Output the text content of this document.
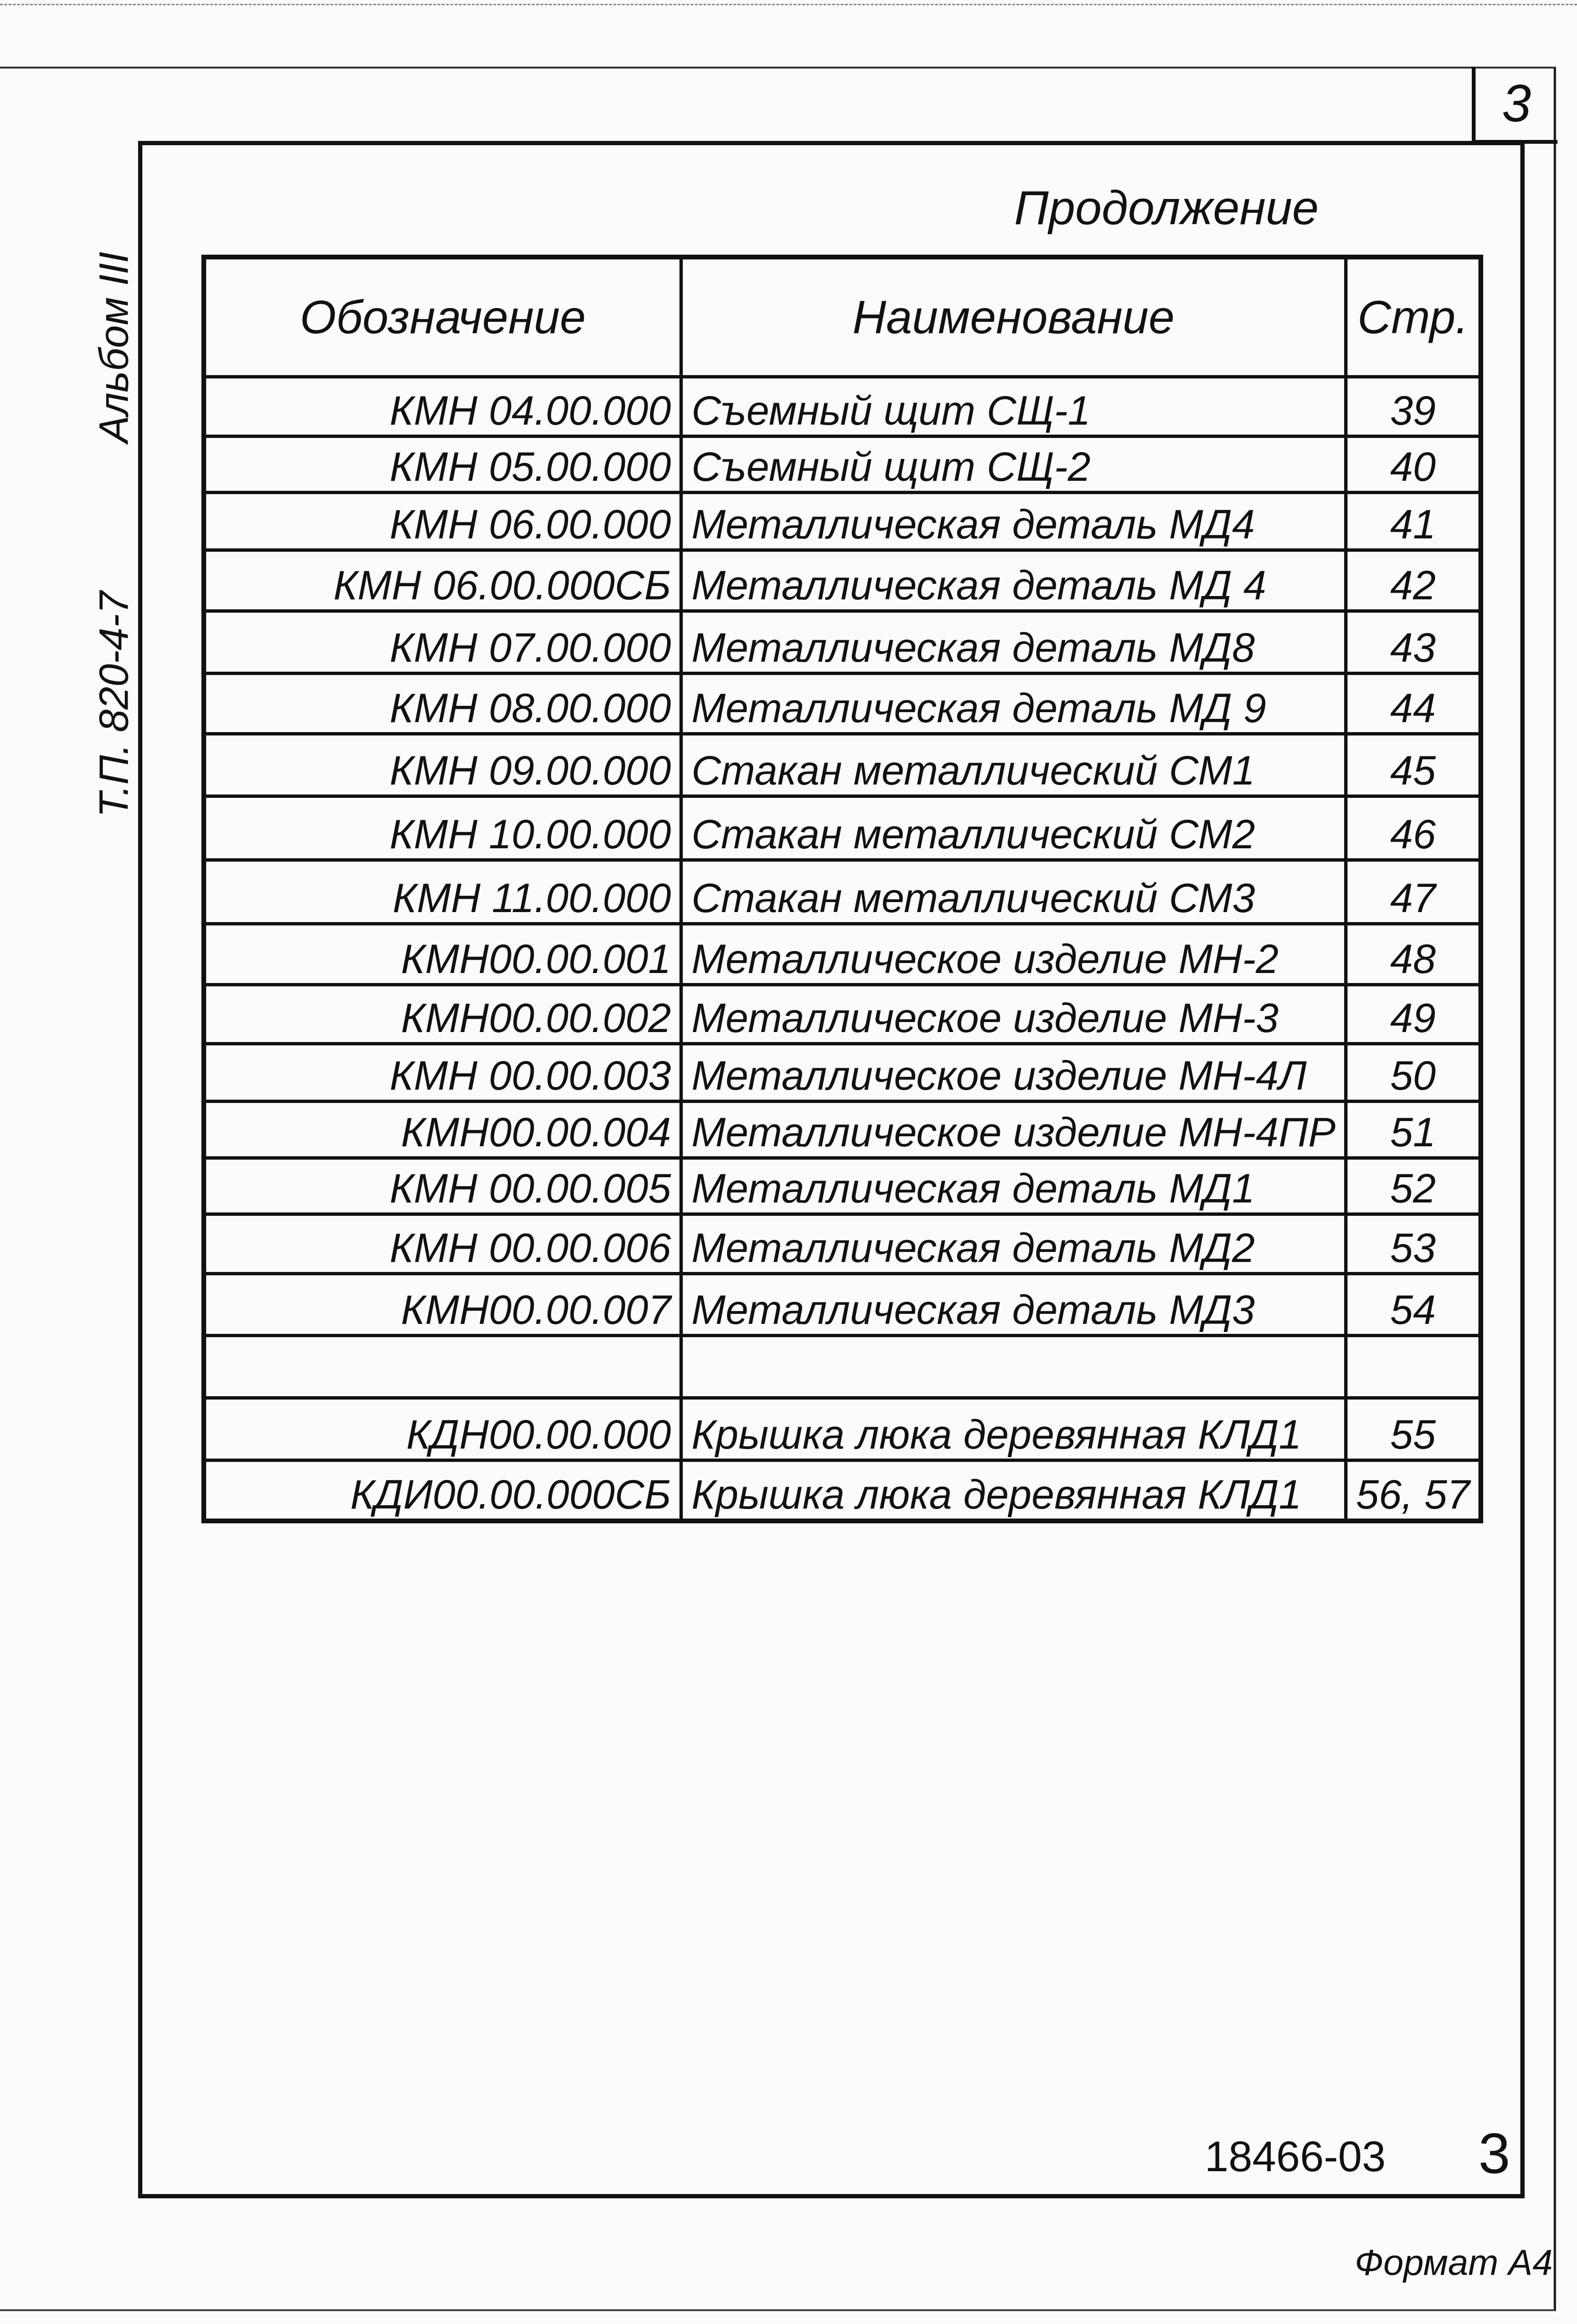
3
Альбом III
Т.П. 820-4-7
Продолжение
Обозначение	Наименование	Стр.
КМН 04.00.000	Съемный щит СЩ-1	39
КМН 05.00.000	Съемный щит СЩ-2	40
КМН 06.00.000	Металлическая деталь МД4	41
КМН 06.00.000СБ	Металлическая деталь МД 4	42
КМН 07.00.000	Металлическая деталь МД8	43
КМН 08.00.000	Металлическая деталь МД 9	44
КМН 09.00.000	Стакан металлический СМ1	45
КМН 10.00.000	Стакан металлический СМ2	46
КМН 11.00.000	Стакан металлический СМ3	47
КМН00.00.001	Металлическое изделие МН-2	48
КМН00.00.002	Металлическое изделие МН-3	49
КМН 00.00.003	Металлическое изделие МН-4Л	50
КМН00.00.004	Металлическое изделие МН-4ПР	51
КМН 00.00.005	Металлическая деталь МД1	52
КМН 00.00.006	Металлическая деталь МД2	53
КМН00.00.007	Металлическая деталь МД3	54

КДН00.00.000	Крышка люка деревянная КЛД1	55
КДИ00.00.000СБ	Крышка люка деревянная КЛД1	56, 57
18466-03 3
Формат А4
